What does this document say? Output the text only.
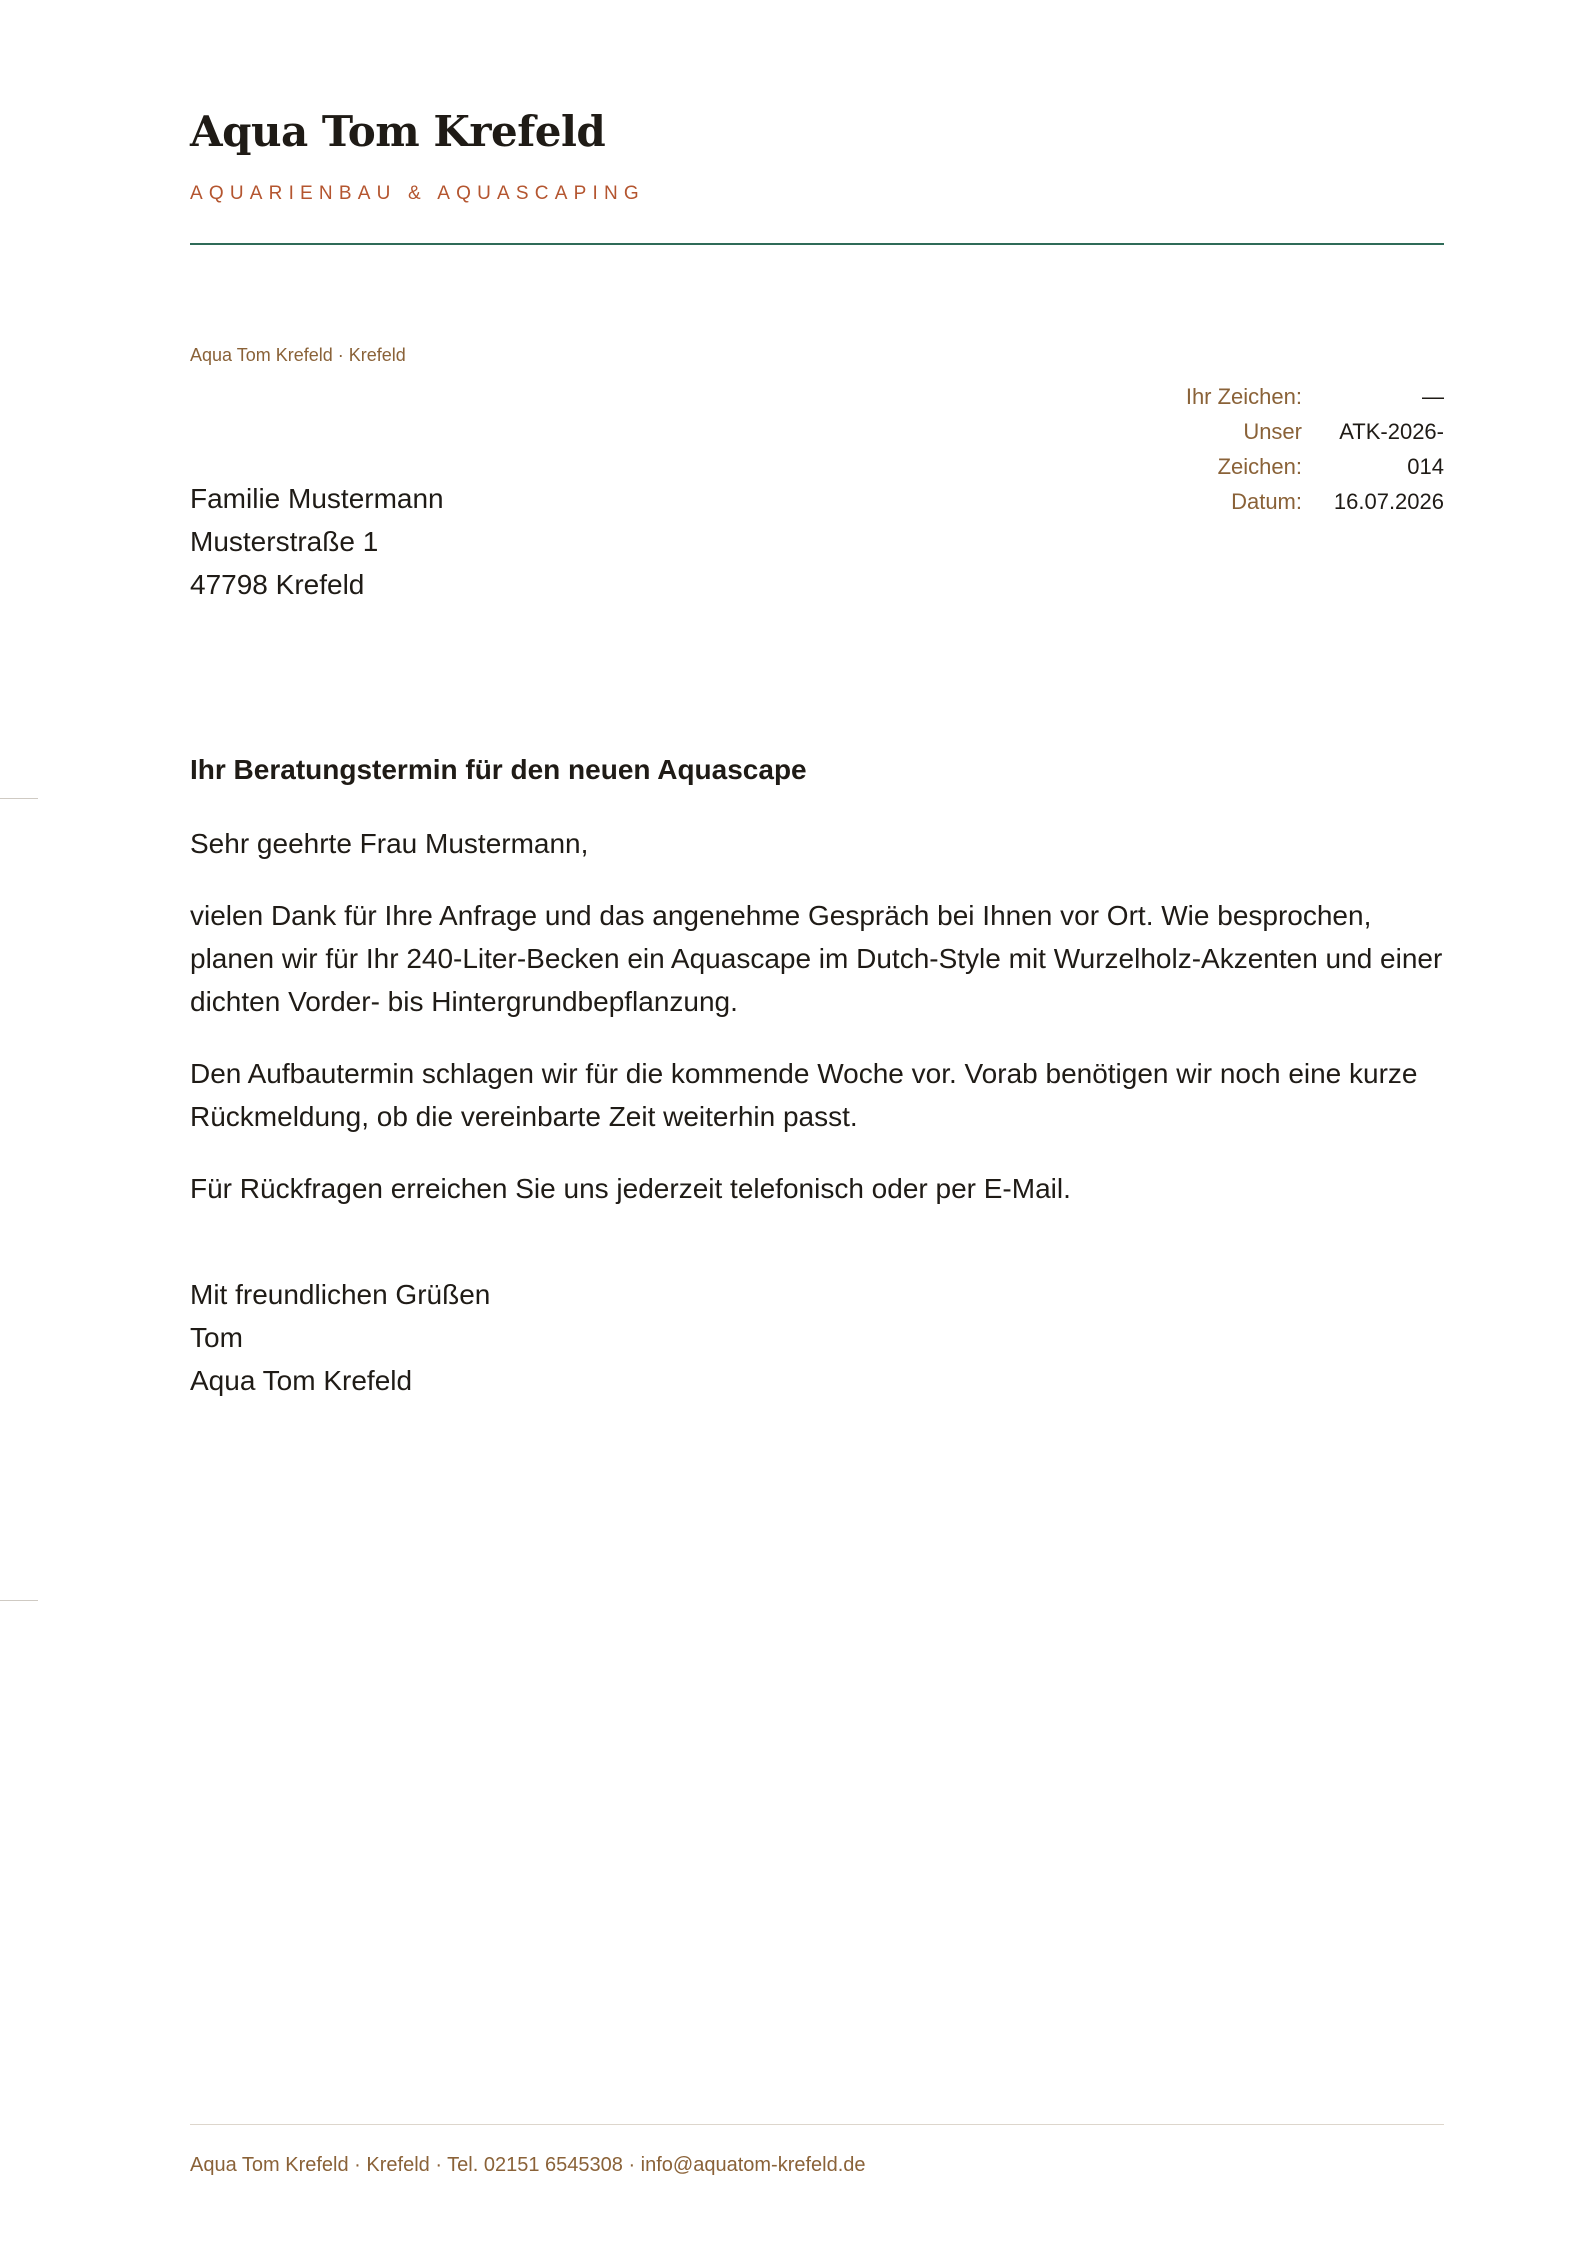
Aqua Tom Krefeld
AQUARIENBAU & AQUASCAPING
Aqua Tom Krefeld · Krefeld
Ihr Zeichen:	—
Unser Zeichen:	ATK-2026-014
Datum:	16.07.2026
Familie Mustermann
Musterstraße 1
47798 Krefeld
Ihr Beratungstermin für den neuen Aquascape

Sehr geehrte Frau Mustermann,

vielen Dank für Ihre Anfrage und das angenehme Gespräch bei Ihnen vor Ort. Wie besprochen, planen wir für Ihr 240-Liter-Becken ein Aquascape im Dutch-Style mit Wurzelholz-Akzenten und einer dichten Vorder- bis Hintergrundbepflanzung.

Den Aufbautermin schlagen wir für die kommende Woche vor. Vorab benötigen wir noch eine kurze Rückmeldung, ob die vereinbarte Zeit weiterhin passt.

Für Rückfragen erreichen Sie uns jederzeit telefonisch oder per E-Mail.

Mit freundlichen Grüßen
Tom
Aqua Tom Krefeld
Aqua Tom Krefeld · Krefeld · Tel. 02151 6545308 · info@aquatom-krefeld.de
